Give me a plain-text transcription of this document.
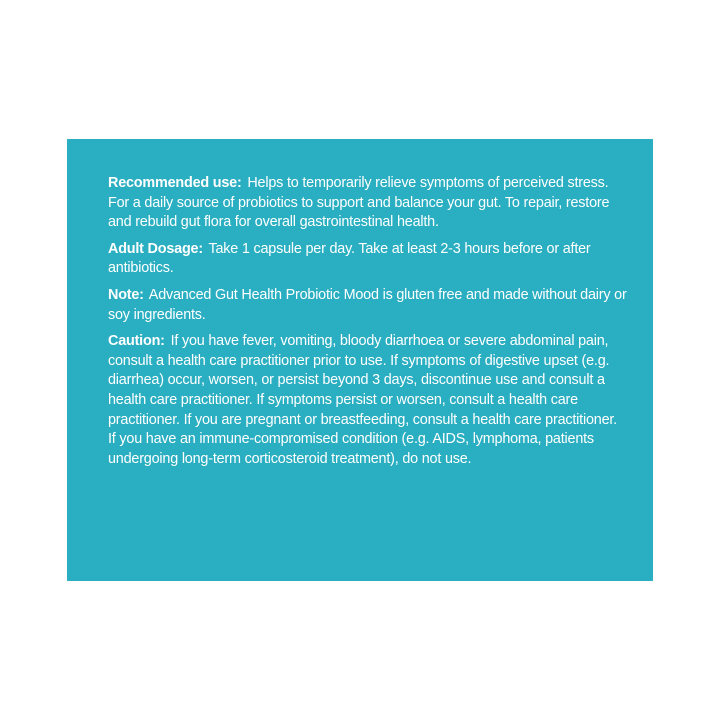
Recommended use: Helps to temporarily relieve symptoms of perceived stress. For a daily source of probiotics to support and balance your gut. To repair, restore and rebuild gut flora for overall gastrointestinal health.

Adult Dosage: Take 1 capsule per day. Take at least 2-3 hours before or after antibiotics.

Note: Advanced Gut Health Probiotic Mood is gluten free and made without dairy or soy ingredients.

Caution: If you have fever, vomiting, bloody diarrhoea or severe abdominal pain, consult a health care practitioner prior to use. If symptoms of digestive upset (e.g. diarrhea) occur, worsen, or persist beyond 3 days, discontinue use and consult a health care practitioner. If symptoms persist or worsen, consult a health care practitioner. If you are pregnant or breastfeeding, consult a health care practitioner. If you have an immune-compromised condition (e.g. AIDS, lymphoma, patients undergoing long-term corticosteroid treatment), do not use.
